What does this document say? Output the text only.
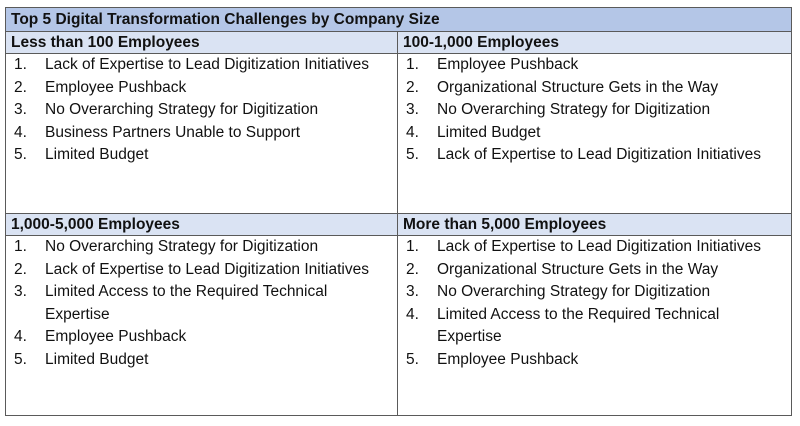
Top 5 Digital Transformation Challenges by Company Size
Less than 100 Employees
1. Lack of Expertise to Lead Digitization Initiatives
2. Employee Pushback
3. No Overarching Strategy for Digitization
4. Business Partners Unable to Support
5. Limited Budget
100-1,000 Employees
1. Employee Pushback
2. Organizational Structure Gets in the Way
3. No Overarching Strategy for Digitization
4. Limited Budget
5. Lack of Expertise to Lead Digitization Initiatives
1,000-5,000 Employees
1. No Overarching Strategy for Digitization
2. Lack of Expertise to Lead Digitization Initiatives
3. Limited Access to the Required Technical Expertise
4. Employee Pushback
5. Limited Budget
More than 5,000 Employees
1. Lack of Expertise to Lead Digitization Initiatives
2. Organizational Structure Gets in the Way
3. No Overarching Strategy for Digitization
4. Limited Access to the Required Technical Expertise
5. Employee Pushback
